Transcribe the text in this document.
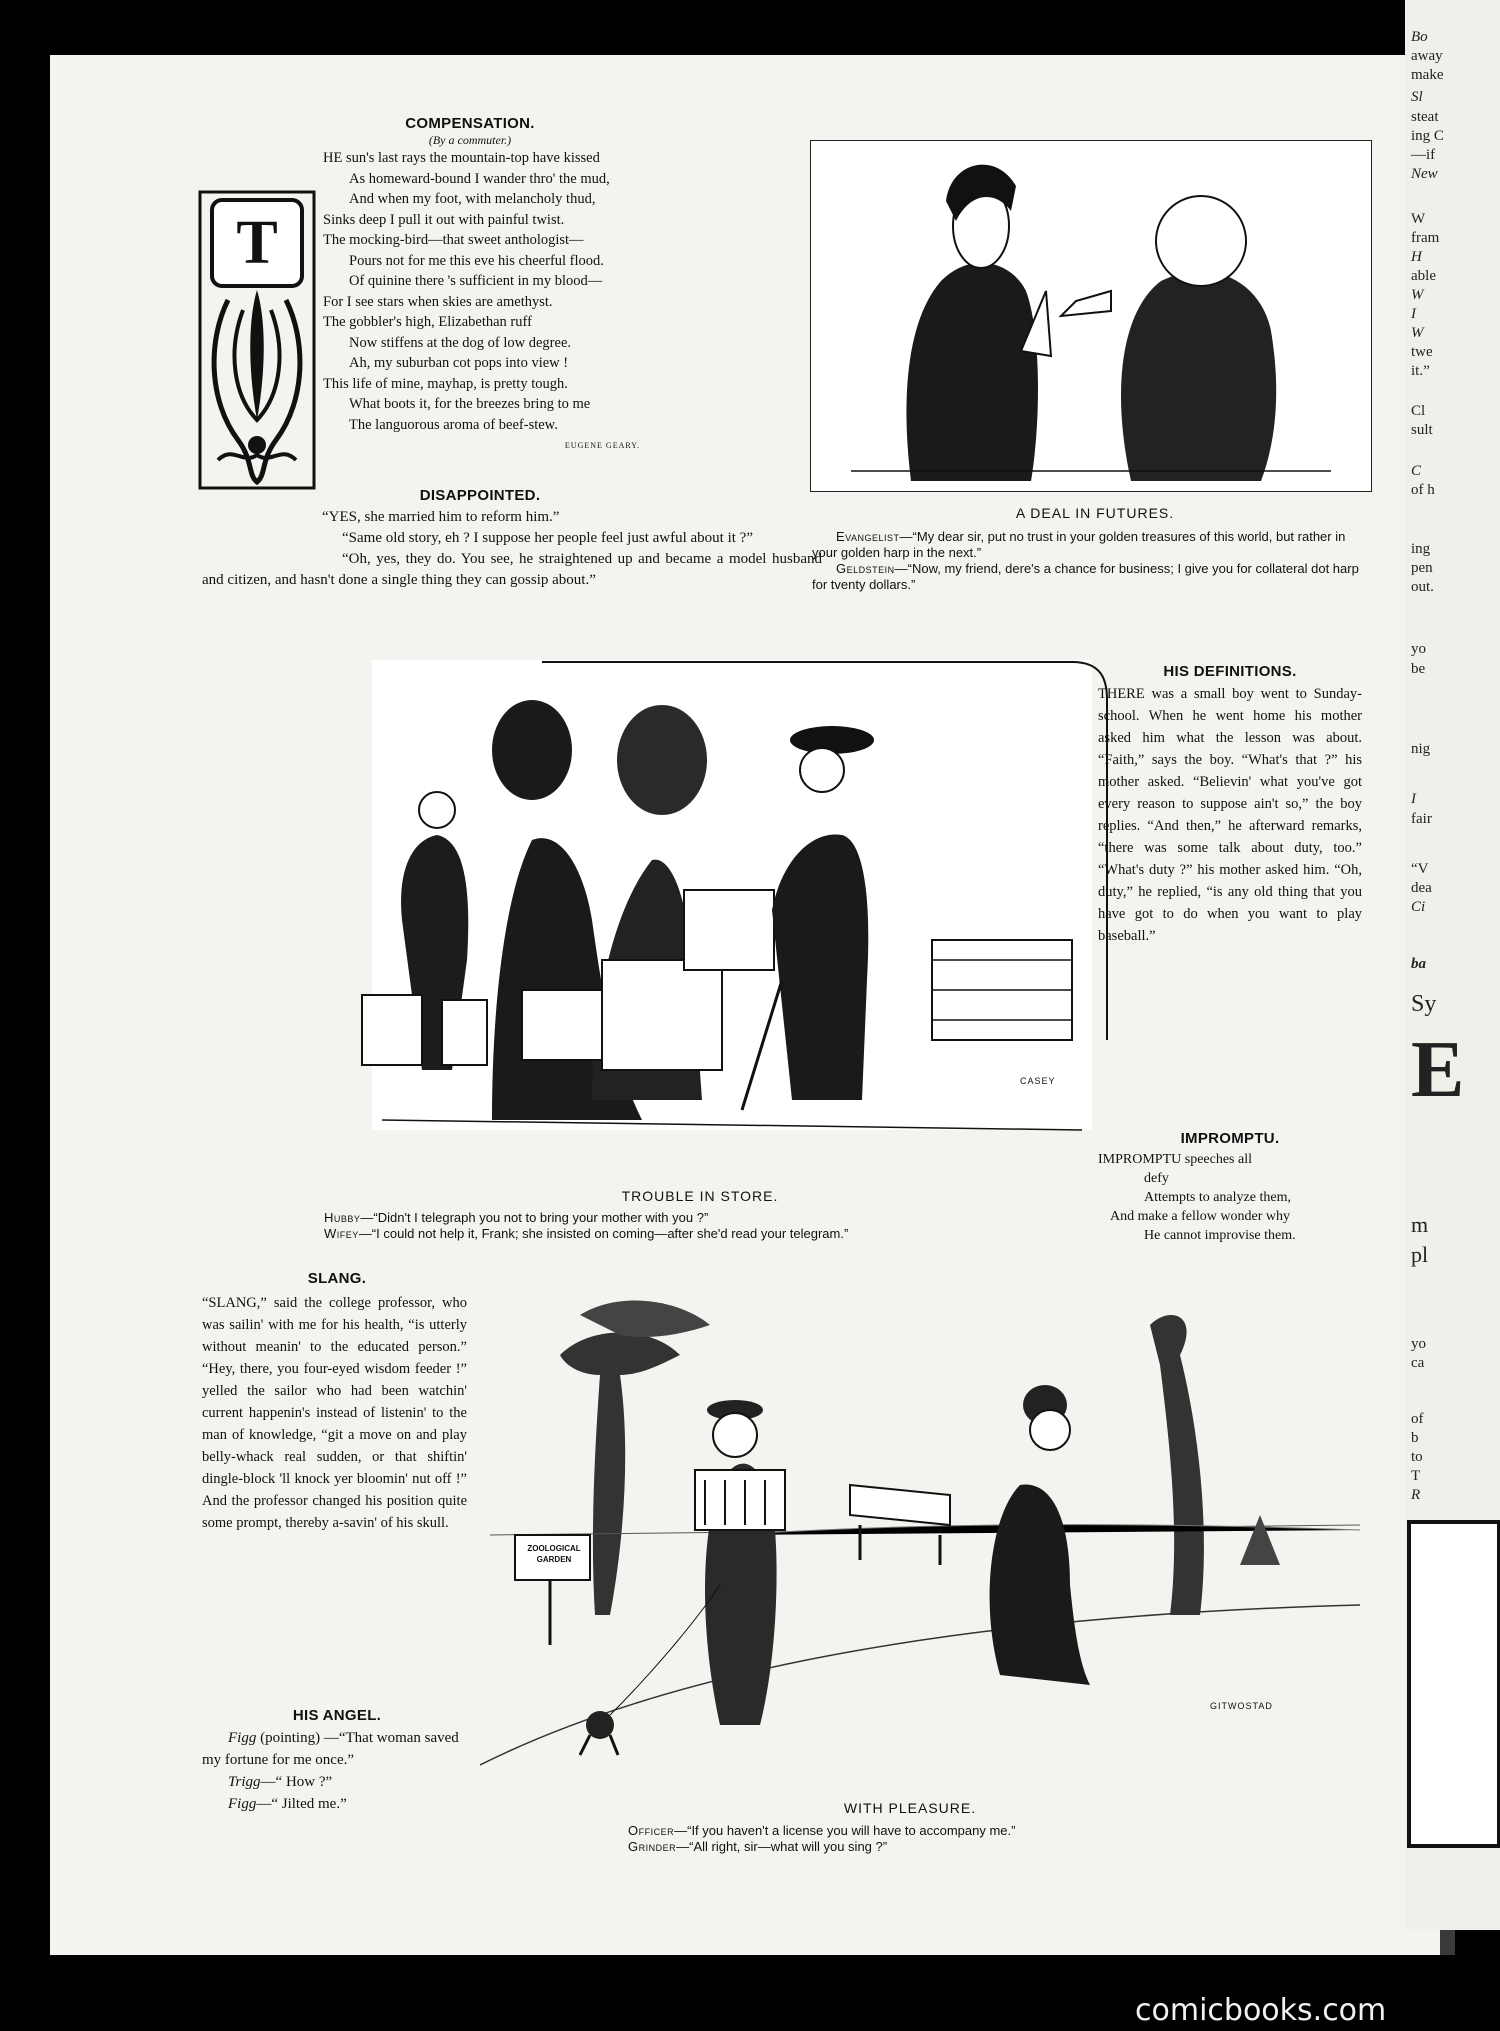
COMPENSATION.
(By a commuter.)
T

HE sun's last rays the mountain-top have kissed

As homeward-bound I wander thro' the mud,

And when my foot, with melancholy thud,

Sinks deep I pull it out with painful twist.

The mocking-bird—that sweet anthologist—

Pours not for me this eve his cheerful flood.

Of quinine there 's sufficient in my blood—

For I see stars when skies are amethyst.

The gobbler's high, Elizabethan ruff

Now stiffens at the dog of low degree.

Ah, my suburban cot pops into view !

This life of mine, mayhap, is pretty tough.

What boots it, for the breezes bring to me

The languorous aroma of beef-stew.

EUGENE GEARY.
DISAPPOINTED.

“YES, she married him to reform him.”

“Same old story, eh ? I suppose her people feel just awful about it ?”

“Oh, yes, they do. You see, he straightened up and became a model husband and citizen, and hasn't done a single thing they can gossip about.”

A DEAL IN FUTURES.

Evangelist—“My dear sir, put no trust in your golden treasures of this world, but rather in your golden harp in the next.”

Geldstein—“Now, my friend, dere's a chance for business; I give you for collateral dot harp for tventy dollars.”

CASEY
TROUBLE IN STORE.

Hubby—“Didn't I telegraph you not to bring your mother with you ?”

Wifey—“I could not help it, Frank; she insisted on coming—after she'd read your telegram.”

HIS DEFINITIONS.
THERE was a small boy went to Sunday-school. When he went home his mother asked him what the lesson was about. “Faith,” says the boy. “What's that ?” his mother asked. “Believin' what you've got every reason to suppose ain't so,” the boy replies. “And then,” he afterward remarks, “there was some talk about duty, too.” “What's duty ?” his mother asked him. “Oh, duty,” he replied, “is any old thing that you have got to do when you want to play baseball.”
IMPROMPTU.

IMPROMPTU speeches all

defy

Attempts to analyze them,

And make a fellow wonder why

He cannot improvise them.

SLANG.
“SLANG,” said the college professor, who was sailin' with me for his health, “is utterly without meanin' to the educated person.” “Hey, there, you four-eyed wisdom feeder !” yelled the sailor who had been watchin' current happenin's instead of listenin' to the man of knowledge, “git a move on and play belly-whack real sudden, or that shiftin' dingle-block 'll knock yer bloomin' nut off !” And the professor changed his position quite some prompt, thereby a-savin' of his skull.
HIS ANGEL.

Figg (pointing) —“That woman saved my fortune for me once.”

Trigg—“ How ?”

Figg—“ Jilted me.”

ZOOLOGICAL GARDEN
GITWOSTAD
WITH PLEASURE.

Officer—“If you haven't a license you will have to accompany me.”

Grinder—“All right, sir—what will you sing ?”

Bo
away
make
Sl
steat
ing C
—if
New
W
fram
H
able
W
I
W
twe
it.”
Cl
sult
C
of h
ing
pen
out.
yo
be
nig
I
fair
“V
dea
Ci
ba
Sy
E
m
pl
yo
ca
of
b
to
T
R
comicbooks.com
